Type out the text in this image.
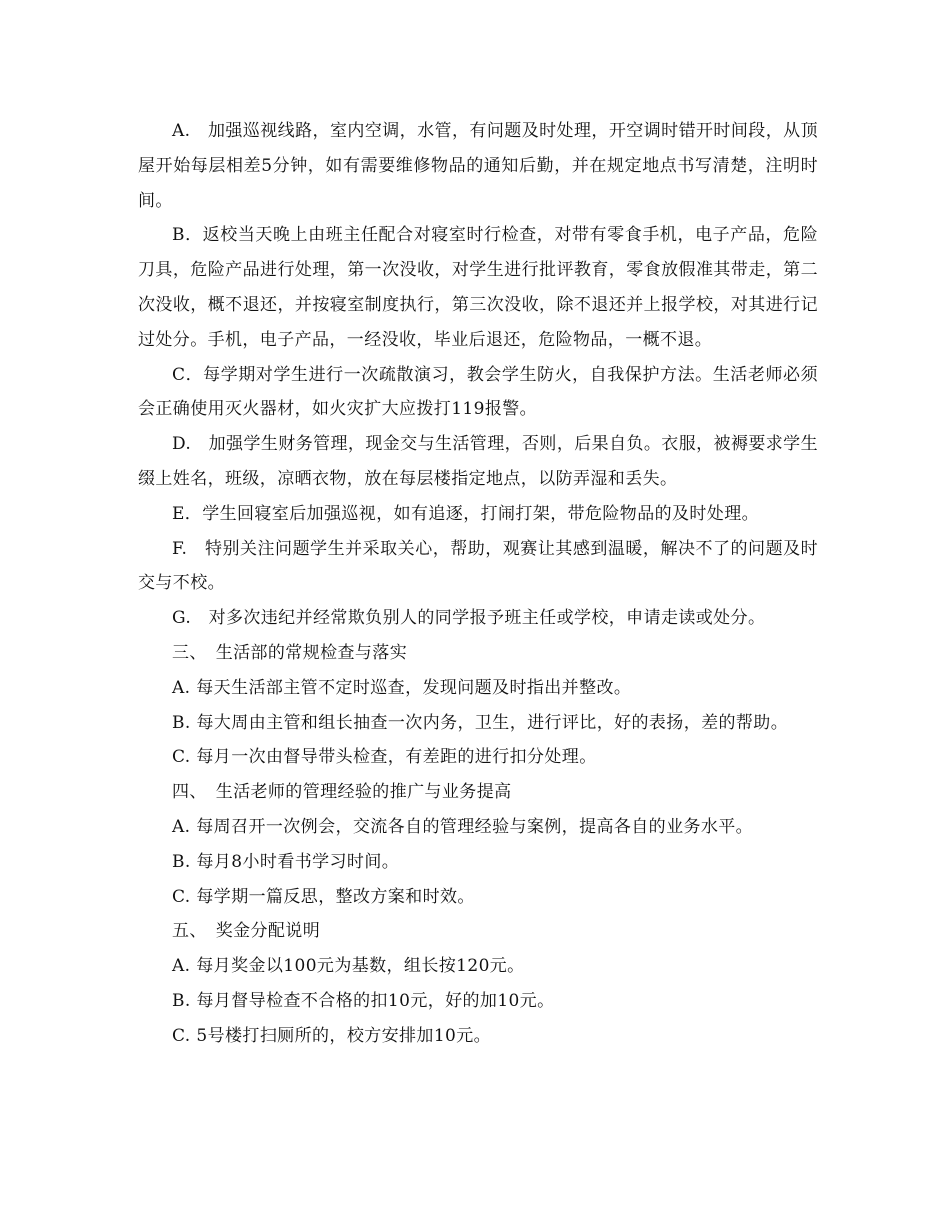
A.　加强巡视线路，室内空调，水管，有问题及时处理，开空调时错开时间段，从顶屋开始每层相差5分钟，如有需要维修物品的通知后勤，并在规定地点书写清楚，注明时间。

B．返校当天晚上由班主任配合对寝室时行检查，对带有零食手机，电子产品，危险刀具，危险产品进行处理，第一次没收，对学生进行批评教育，零食放假准其带走，第二次没收，概不退还，并按寝室制度执行，第三次没收，除不退还并上报学校，对其进行记过处分。手机，电子产品，一经没收，毕业后退还，危险物品，一概不退。

C．每学期对学生进行一次疏散演习，教会学生防火，自我保护方法。生活老师必须会正确使用灭火器材，如火灾扩大应拨打119报警。

D.　加强学生财务管理，现金交与生活管理，否则，后果自负。衣服，被褥要求学生缀上姓名，班级，凉晒衣物，放在每层楼指定地点，以防弄湿和丢失。

E．学生回寝室后加强巡视，如有追逐，打闹打架，带危险物品的及时处理。

F.　特别关注问题学生并采取关心，帮助，观赛让其感到温暖，解决不了的问题及时交与不校。

G.　对多次违纪并经常欺负别人的同学报予班主任或学校，申请走读或处分。

三、　生活部的常规检查与落实

A. 每天生活部主管不定时巡查，发现问题及时指出并整改。

B. 每大周由主管和组长抽查一次内务，卫生，进行评比，好的表扬，差的帮助。

C. 每月一次由督导带头检查，有差距的进行扣分处理。

四、　生活老师的管理经验的推广与业务提高

A. 每周召开一次例会，交流各自的管理经验与案例，提高各自的业务水平。

B. 每月8小时看书学习时间。

C. 每学期一篇反思，整改方案和时效。

五、　奖金分配说明

A. 每月奖金以100元为基数，组长按120元。

B. 每月督导检查不合格的扣10元，好的加10元。

C. 5号楼打扫厕所的，校方安排加10元。
